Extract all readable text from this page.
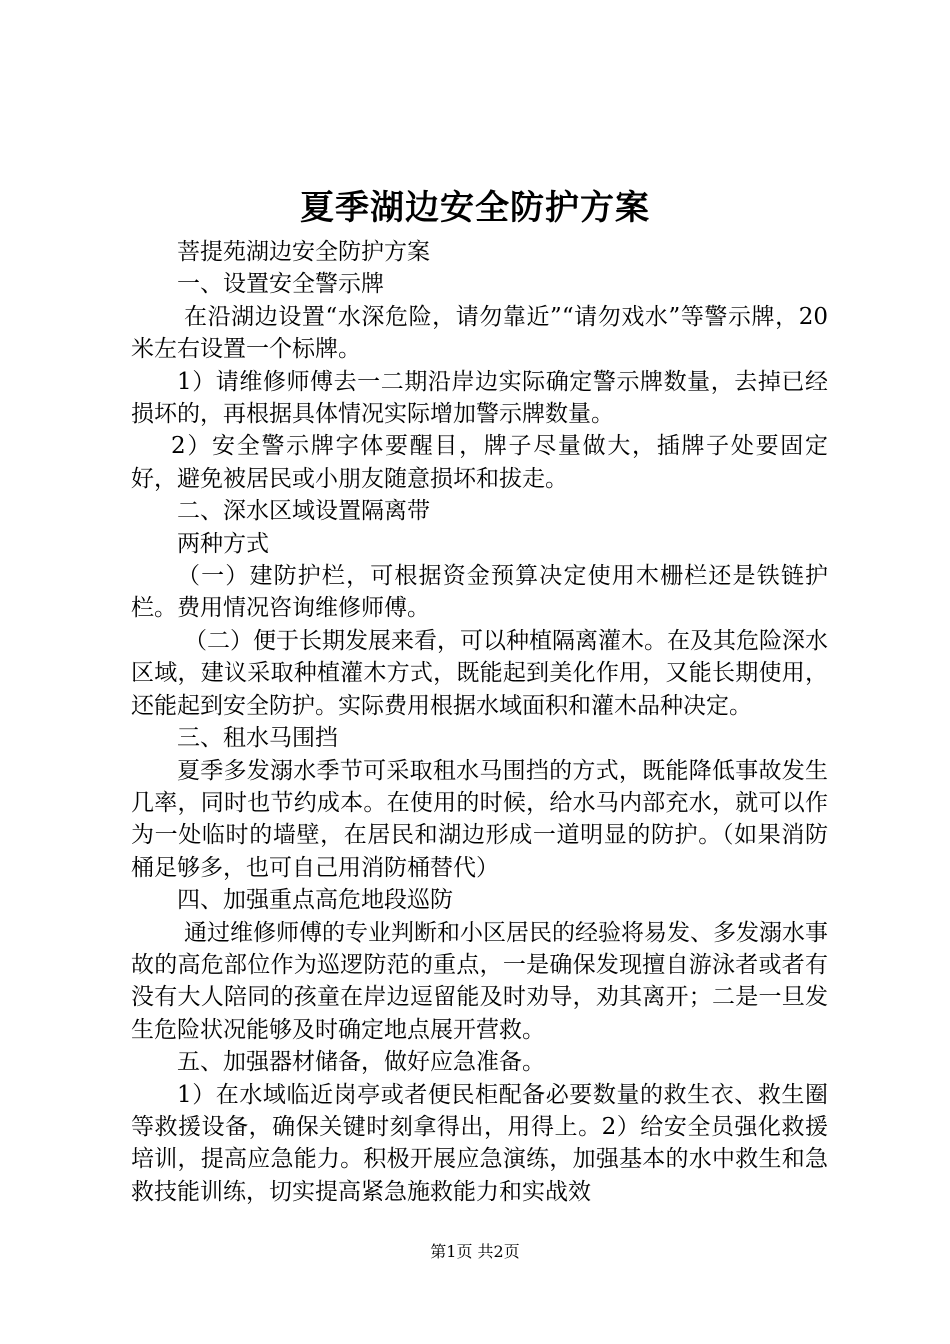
夏季湖边安全防护方案

菩提苑湖边安全防护方案

一、设置安全警示牌

在沿湖边设置“水深危险，请勿靠近”“请勿戏水”等警示牌，20米左右设置一个标牌。

1）请维修师傅去一二期沿岸边实际确定警示牌数量，去掉已经损坏的，再根据具体情况实际增加警示牌数量。

2）安全警示牌字体要醒目，牌子尽量做大，插牌子处要固定好，避免被居民或小朋友随意损坏和拔走。

二、深水区域设置隔离带

两种方式

（一）建防护栏，可根据资金预算决定使用木栅栏还是铁链护栏。费用情况咨询维修师傅。

（二）便于长期发展来看，可以种植隔离灌木。在及其危险深水区域，建议采取种植灌木方式，既能起到美化作用，又能长期使用，还能起到安全防护。实际费用根据水域面积和灌木品种决定。

三、租水马围挡

夏季多发溺水季节可采取租水马围挡的方式，既能降低事故发生几率，同时也节约成本。在使用的时候，给水马内部充水，就可以作为一处临时的墙壁，在居民和湖边形成一道明显的防护。（如果消防桶足够多，也可自己用消防桶替代）

四、加强重点高危地段巡防

通过维修师傅的专业判断和小区居民的经验将易发、多发溺水事故的高危部位作为巡逻防范的重点，一是确保发现擅自游泳者或者有没有大人陪同的孩童在岸边逗留能及时劝导，劝其离开；二是一旦发生危险状况能够及时确定地点展开营救。

五、加强器材储备，做好应急准备。

1）在水域临近岗亭或者便民柜配备必要数量的救生衣、救生圈等救援设备，确保关键时刻拿得出，用得上。2）给安全员强化救援培训，提高应急能力。积极开展应急演练，加强基本的水中救生和急救技能训练，切实提高紧急施救能力和实战效

第1页 共2页
